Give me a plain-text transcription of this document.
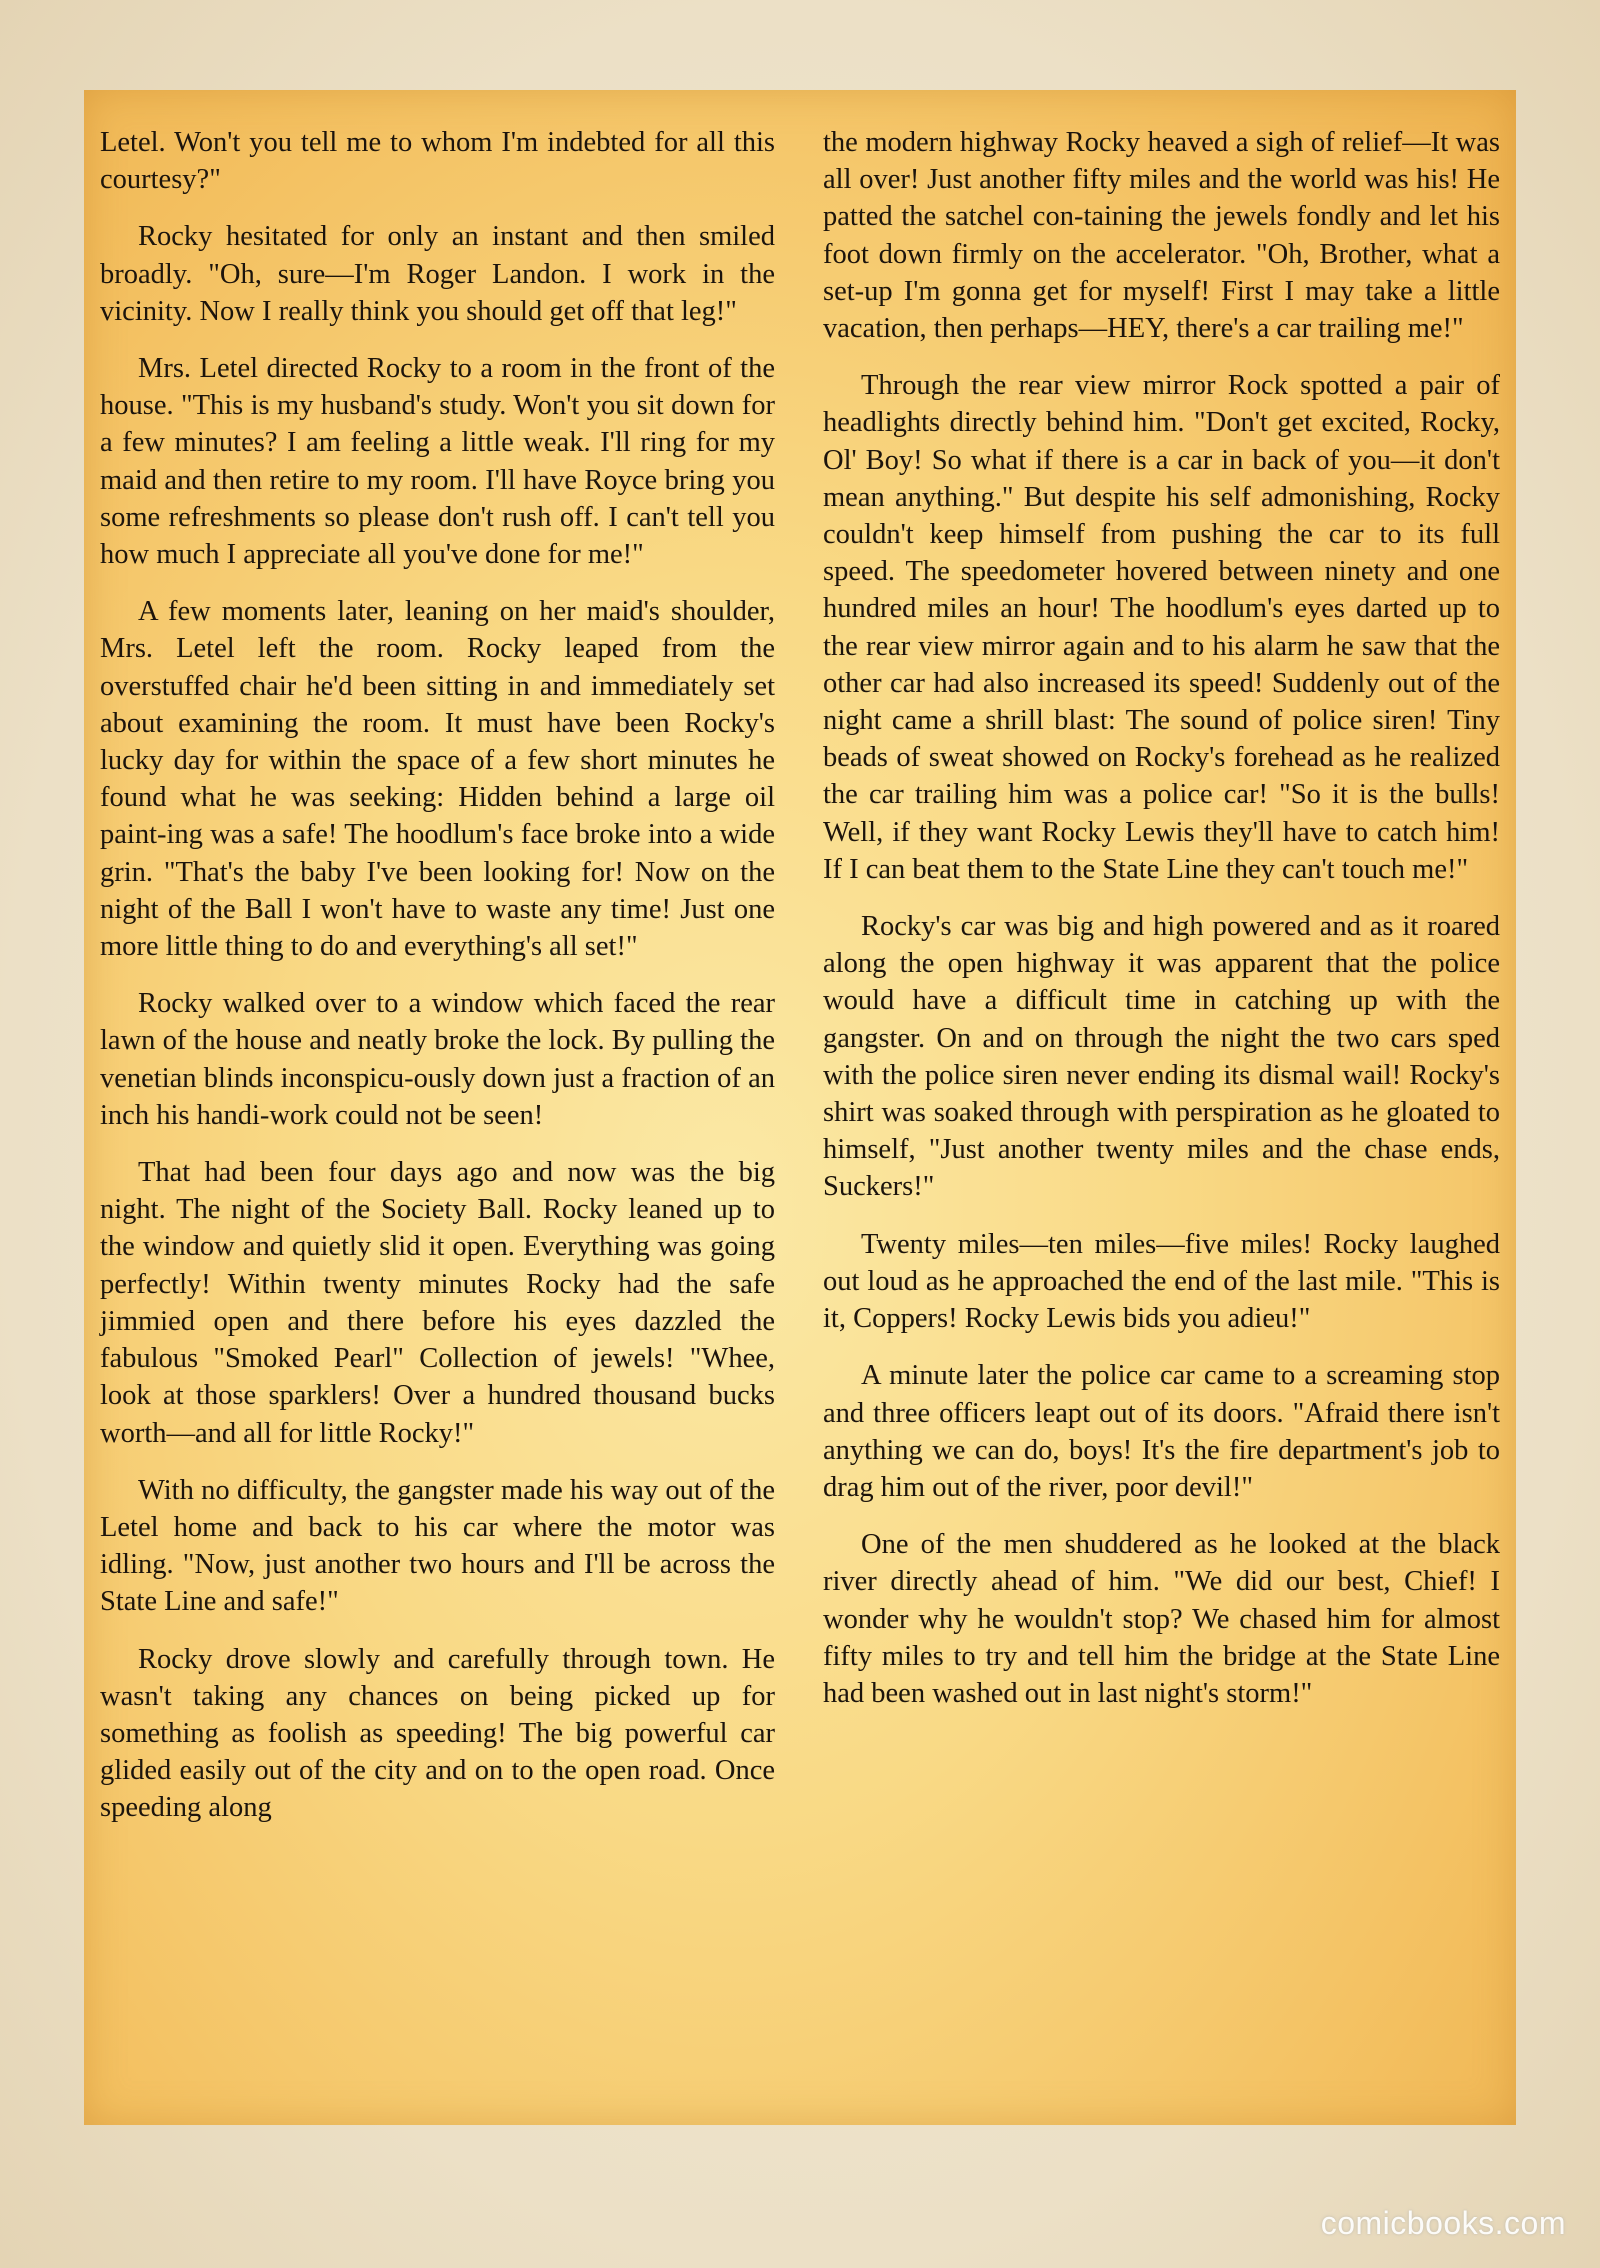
Letel. Won't you tell me to whom I'm indebted for all this courtesy?"

Rocky hesitated for only an instant and then smiled broadly. "Oh, sure—I'm Roger Landon. I work in the vicinity. Now I really think you should get off that leg!"

Mrs. Letel directed Rocky to a room in the front of the house. "This is my husband's study. Won't you sit down for a few minutes? I am feeling a little weak. I'll ring for my maid and then retire to my room. I'll have Royce bring you some refreshments so please don't rush off. I can't tell you how much I appreciate all you've done for me!"

A few moments later, leaning on her maid's shoulder, Mrs. Letel left the room. Rocky leaped from the overstuffed chair he'd been sitting in and immediately set about examining the room. It must have been Rocky's lucky day for within the space of a few short minutes he found what he was seeking: Hidden behind a large oil paint-ing was a safe! The hoodlum's face broke into a wide grin. "That's the baby I've been looking for! Now on the night of the Ball I won't have to waste any time! Just one more little thing to do and everything's all set!"

Rocky walked over to a window which faced the rear lawn of the house and neatly broke the lock. By pulling the venetian blinds inconspicu-ously down just a fraction of an inch his handi-work could not be seen!

That had been four days ago and now was the big night. The night of the Society Ball. Rocky leaned up to the window and quietly slid it open. Everything was going perfectly! Within twenty minutes Rocky had the safe jimmied open and there before his eyes dazzled the fabulous "Smoked Pearl" Collection of jewels! "Whee, look at those sparklers! Over a hundred thousand bucks worth—and all for little Rocky!"

With no difficulty, the gangster made his way out of the Letel home and back to his car where the motor was idling. "Now, just another two hours and I'll be across the State Line and safe!"

Rocky drove slowly and carefully through town. He wasn't taking any chances on being picked up for something as foolish as speeding! The big powerful car glided easily out of the city and on to the open road. Once speeding along

the modern highway Rocky heaved a sigh of relief—It was all over! Just another fifty miles and the world was his! He patted the satchel con-taining the jewels fondly and let his foot down firmly on the accelerator. "Oh, Brother, what a set-up I'm gonna get for myself! First I may take a little vacation, then perhaps—HEY, there's a car trailing me!"

Through the rear view mirror Rock spotted a pair of headlights directly behind him. "Don't get excited, Rocky, Ol' Boy! So what if there is a car in back of you—it don't mean anything." But despite his self admonishing, Rocky couldn't keep himself from pushing the car to its full speed. The speedometer hovered between ninety and one hundred miles an hour! The hoodlum's eyes darted up to the rear view mirror again and to his alarm he saw that the other car had also increased its speed! Suddenly out of the night came a shrill blast: The sound of police siren! Tiny beads of sweat showed on Rocky's forehead as he realized the car trailing him was a police car! "So it is the bulls! Well, if they want Rocky Lewis they'll have to catch him! If I can beat them to the State Line they can't touch me!"

Rocky's car was big and high powered and as it roared along the open highway it was apparent that the police would have a difficult time in catching up with the gangster. On and on through the night the two cars sped with the police siren never ending its dismal wail! Rocky's shirt was soaked through with perspiration as he gloated to himself, "Just another twenty miles and the chase ends, Suckers!"

Twenty miles—ten miles—five miles! Rocky laughed out loud as he approached the end of the last mile. "This is it, Coppers! Rocky Lewis bids you adieu!"

A minute later the police car came to a screaming stop and three officers leapt out of its doors. "Afraid there isn't anything we can do, boys! It's the fire department's job to drag him out of the river, poor devil!"

One of the men shuddered as he looked at the black river directly ahead of him. "We did our best, Chief! I wonder why he wouldn't stop? We chased him for almost fifty miles to try and tell him the bridge at the State Line had been washed out in last night's storm!"

comicbooks.com
